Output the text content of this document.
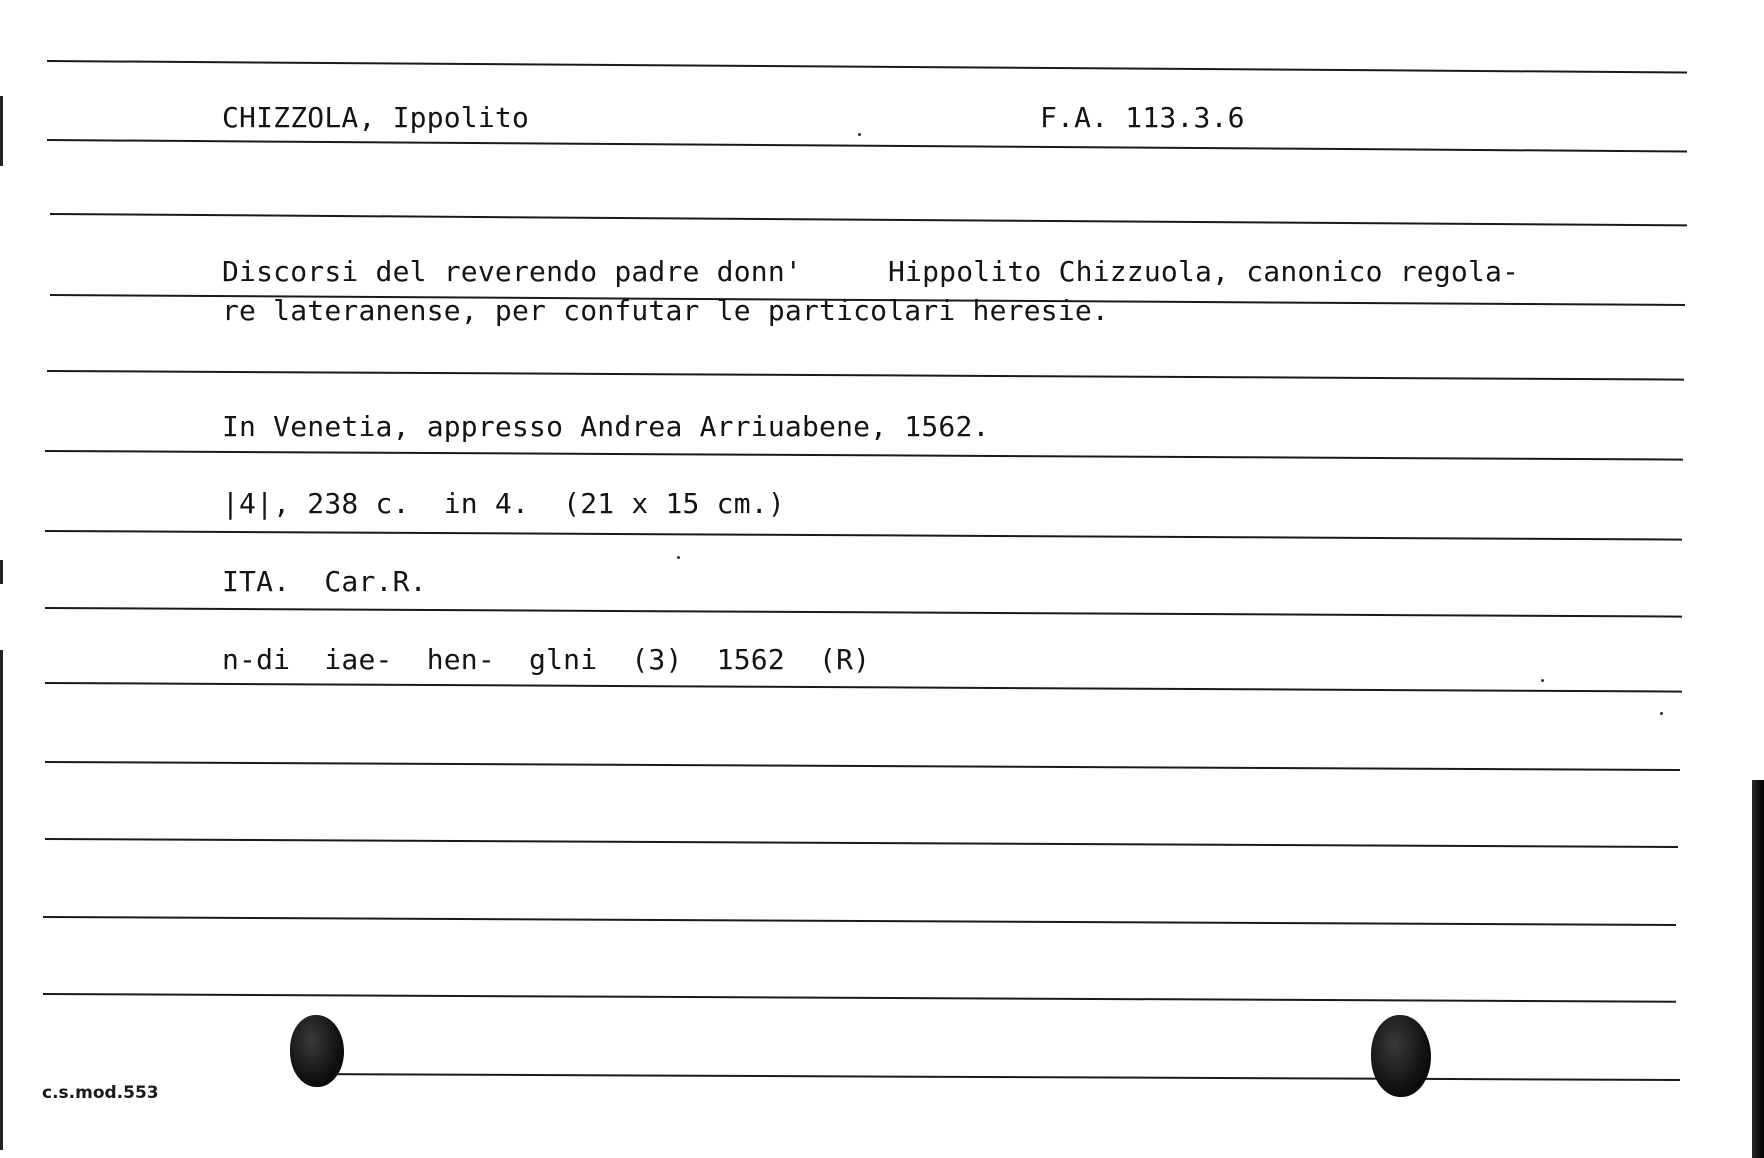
CHIZZOLA, Ippolito	F.A. 113.3.6
Discorsi del reverendo padre donn'	Hippolito Chizzuola, canonico regola-
re lateranense, per confutar le particolari heresie.
In Venetia, appresso Andrea Arriuabene, 1562.
|4|, 238 c.  in 4.  (21 x 15 cm.)
ITA.  Car.R.
n-di  iae-  hen-  glni  (3)  1562  (R)
c.s.mod.553
